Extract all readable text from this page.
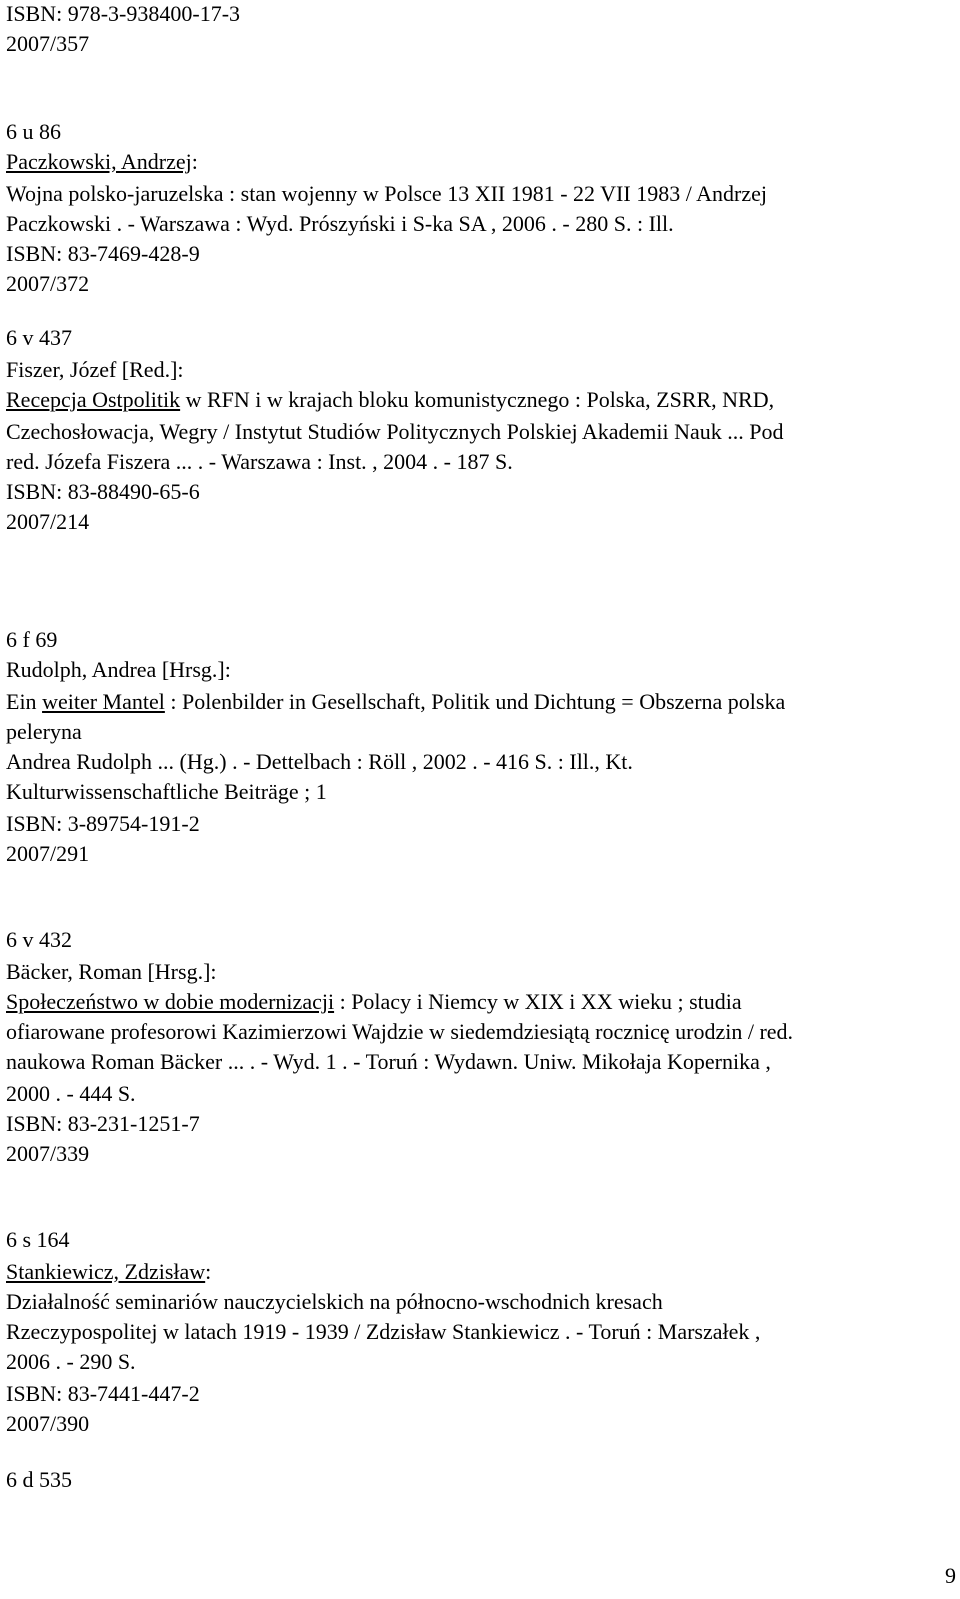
ISBN: 978-3-938400-17-3
2007/357
6 u 86
Paczkowski, Andrzej:
Wojna polsko-jaruzelska : stan wojenny w Polsce 13 XII 1981 - 22 VII 1983 / Andrzej
Paczkowski . - Warszawa : Wyd. Prószyński i S-ka SA , 2006 . - 280 S. : Ill.
ISBN: 83-7469-428-9
2007/372
6 v 437
Fiszer, Józef [Red.]:
Recepcja Ostpolitik w RFN i w krajach bloku komunistycznego : Polska, ZSRR, NRD,
Czechosłowacja, Wegry / Instytut Studiów Politycznych Polskiej Akademii Nauk ... Pod
red. Józefa Fiszera ... . - Warszawa : Inst. , 2004 . - 187 S.
ISBN: 83-88490-65-6
2007/214
6 f 69
Rudolph, Andrea [Hrsg.]:
Ein weiter Mantel : Polenbilder in Gesellschaft, Politik und Dichtung = Obszerna polska
peleryna
Andrea Rudolph ... (Hg.) . - Dettelbach : Röll , 2002 . - 416 S. : Ill., Kt.
Kulturwissenschaftliche Beiträge ; 1
ISBN: 3-89754-191-2
2007/291
6 v 432
Bäcker, Roman [Hrsg.]:
Społeczeństwo w dobie modernizacji : Polacy i Niemcy w XIX i XX wieku ; studia
ofiarowane profesorowi Kazimierzowi Wajdzie w siedemdziesiątą rocznicę urodzin / red.
naukowa Roman Bäcker ... . - Wyd. 1 . - Toruń : Wydawn. Uniw. Mikołaja Kopernika ,
2000 . - 444 S.
ISBN: 83-231-1251-7
2007/339
6 s 164
Stankiewicz, Zdzisław:
Działalność seminariów nauczycielskich na północno-wschodnich kresach
Rzeczypospolitej w latach 1919 - 1939 / Zdzisław Stankiewicz . - Toruń : Marszałek ,
2006 . - 290 S.
ISBN: 83-7441-447-2
2007/390
6 d 535
9
